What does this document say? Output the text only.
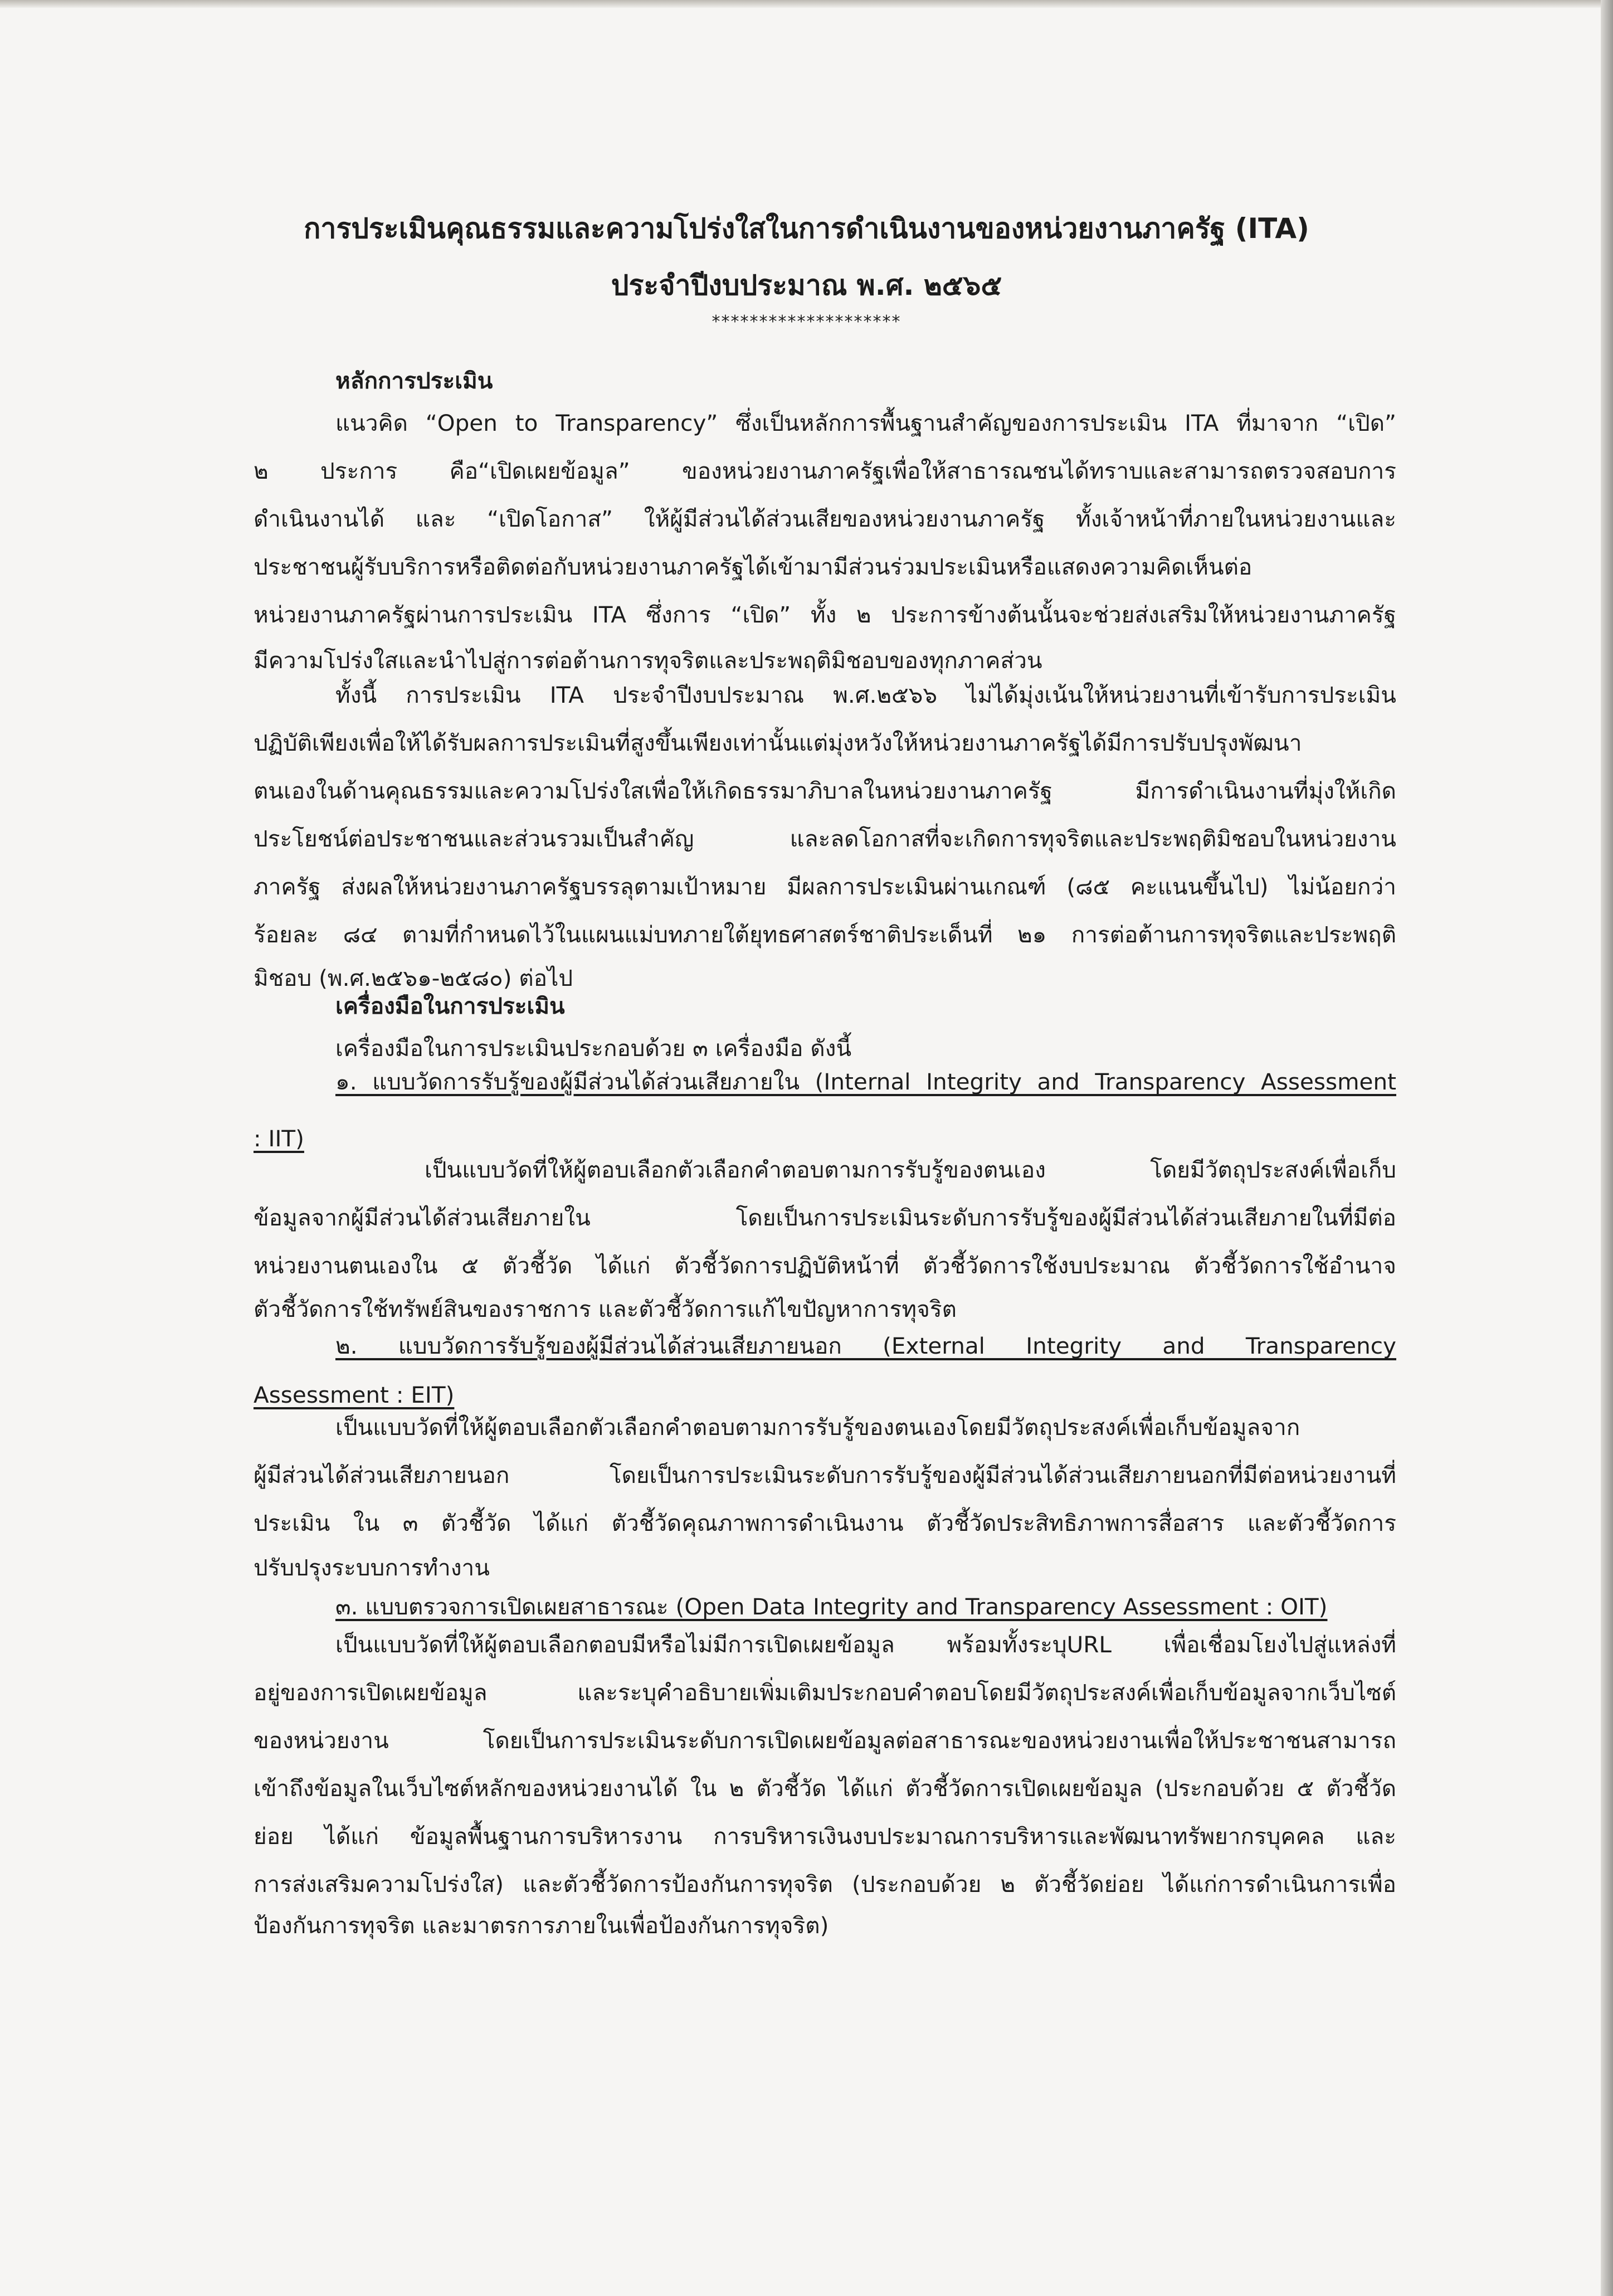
การประเมินคุณธรรมและความโปร่งใสในการดำเนินงานของหน่วยงานภาครัฐ (ITA)
ประจำปีงบประมาณ พ.ศ. ๒๕๖๕
********************
หลักการประเมิน
แนวคิด “Open to Transparency” ซึ่งเป็นหลักการพื้นฐานสำคัญของการประเมิน ITA ที่มาจาก “เปิด”
๒ ประการ คือ“เปิดเผยข้อมูล” ของหน่วยงานภาครัฐเพื่อให้สาธารณชนได้ทราบและสามารถตรวจสอบการ
ดำเนินงานได้ และ “เปิดโอกาส” ให้ผู้มีส่วนได้ส่วนเสียของหน่วยงานภาครัฐ ทั้งเจ้าหน้าที่ภายในหน่วยงานและ
ประชาชนผู้รับบริการหรือติดต่อกับหน่วยงานภาครัฐได้เข้ามามีส่วนร่วมประเมินหรือแสดงความคิดเห็นต่อ
หน่วยงานภาครัฐผ่านการประเมิน ITA ซึ่งการ “เปิด” ทั้ง ๒ ประการข้างต้นนั้นจะช่วยส่งเสริมให้หน่วยงานภาครัฐ
มีความโปร่งใสและนำไปสู่การต่อต้านการทุจริตและประพฤติมิชอบของทุกภาคส่วน
ทั้งนี้ การประเมิน ITA ประจำปีงบประมาณ พ.ศ.๒๕๖๖ ไม่ได้มุ่งเน้นให้หน่วยงานที่เข้ารับการประเมิน
ปฏิบัติเพียงเพื่อให้ได้รับผลการประเมินที่สูงขึ้นเพียงเท่านั้นแต่มุ่งหวังให้หน่วยงานภาครัฐได้มีการปรับปรุงพัฒนา
ตนเองในด้านคุณธรรมและความโปร่งใสเพื่อให้เกิดธรรมาภิบาลในหน่วยงานภาครัฐ มีการดำเนินงานที่มุ่งให้เกิด
ประโยชน์ต่อประชาชนและส่วนรวมเป็นสำคัญ และลดโอกาสที่จะเกิดการทุจริตและประพฤติมิชอบในหน่วยงาน
ภาครัฐ ส่งผลให้หน่วยงานภาครัฐบรรลุตามเป้าหมาย มีผลการประเมินผ่านเกณฑ์ (๘๕ คะแนนขึ้นไป) ไม่น้อยกว่า
ร้อยละ ๘๔ ตามที่กำหนดไว้ในแผนแม่บทภายใต้ยุทธศาสตร์ชาติประเด็นที่ ๒๑ การต่อต้านการทุจริตและประพฤติ
มิชอบ (พ.ศ.๒๕๖๑-๒๕๘๐) ต่อไป
เครื่องมือในการประเมิน
เครื่องมือในการประเมินประกอบด้วย ๓ เครื่องมือ ดังนี้
๑. แบบวัดการรับรู้ของผู้มีส่วนได้ส่วนเสียภายใน (Internal Integrity and Transparency Assessment
: IIT)
เป็นแบบวัดที่ให้ผู้ตอบเลือกตัวเลือกคำตอบตามการรับรู้ของตนเอง โดยมีวัตถุประสงค์เพื่อเก็บ
ข้อมูลจากผู้มีส่วนได้ส่วนเสียภายใน โดยเป็นการประเมินระดับการรับรู้ของผู้มีส่วนได้ส่วนเสียภายในที่มีต่อ
หน่วยงานตนเองใน ๕ ตัวชี้วัด ได้แก่ ตัวชี้วัดการปฏิบัติหน้าที่ ตัวชี้วัดการใช้งบประมาณ ตัวชี้วัดการใช้อำนาจ
ตัวชี้วัดการใช้ทรัพย์สินของราชการ และตัวชี้วัดการแก้ไขปัญหาการทุจริต
๒. แบบวัดการรับรู้ของผู้มีส่วนได้ส่วนเสียภายนอก (External Integrity and Transparency
Assessment : EIT)
เป็นแบบวัดที่ให้ผู้ตอบเลือกตัวเลือกคำตอบตามการรับรู้ของตนเองโดยมีวัตถุประสงค์เพื่อเก็บข้อมูลจาก
ผู้มีส่วนได้ส่วนเสียภายนอก โดยเป็นการประเมินระดับการรับรู้ของผู้มีส่วนได้ส่วนเสียภายนอกที่มีต่อหน่วยงานที่
ประเมิน ใน ๓ ตัวชี้วัด ได้แก่ ตัวชี้วัดคุณภาพการดำเนินงาน ตัวชี้วัดประสิทธิภาพการสื่อสาร และตัวชี้วัดการ
ปรับปรุงระบบการทำงาน
๓. แบบตรวจการเปิดเผยสาธารณะ (Open Data Integrity and Transparency Assessment : OIT)
เป็นแบบวัดที่ให้ผู้ตอบเลือกตอบมีหรือไม่มีการเปิดเผยข้อมูล พร้อมทั้งระบุURL เพื่อเชื่อมโยงไปสู่แหล่งที่
อยู่ของการเปิดเผยข้อมูล และระบุคำอธิบายเพิ่มเติมประกอบคำตอบโดยมีวัตถุประสงค์เพื่อเก็บข้อมูลจากเว็บไซต์
ของหน่วยงาน โดยเป็นการประเมินระดับการเปิดเผยข้อมูลต่อสาธารณะของหน่วยงานเพื่อให้ประชาชนสามารถ
เข้าถึงข้อมูลในเว็บไซต์หลักของหน่วยงานได้ ใน ๒ ตัวชี้วัด ได้แก่ ตัวชี้วัดการเปิดเผยข้อมูล (ประกอบด้วย ๕ ตัวชี้วัด
ย่อย ได้แก่ ข้อมูลพื้นฐานการบริหารงาน การบริหารเงินงบประมาณการบริหารและพัฒนาทรัพยากรบุคคล และ
การส่งเสริมความโปร่งใส) และตัวชี้วัดการป้องกันการทุจริต (ประกอบด้วย ๒ ตัวชี้วัดย่อย ได้แก่การดำเนินการเพื่อ
ป้องกันการทุจริต และมาตรการภายในเพื่อป้องกันการทุจริต)
